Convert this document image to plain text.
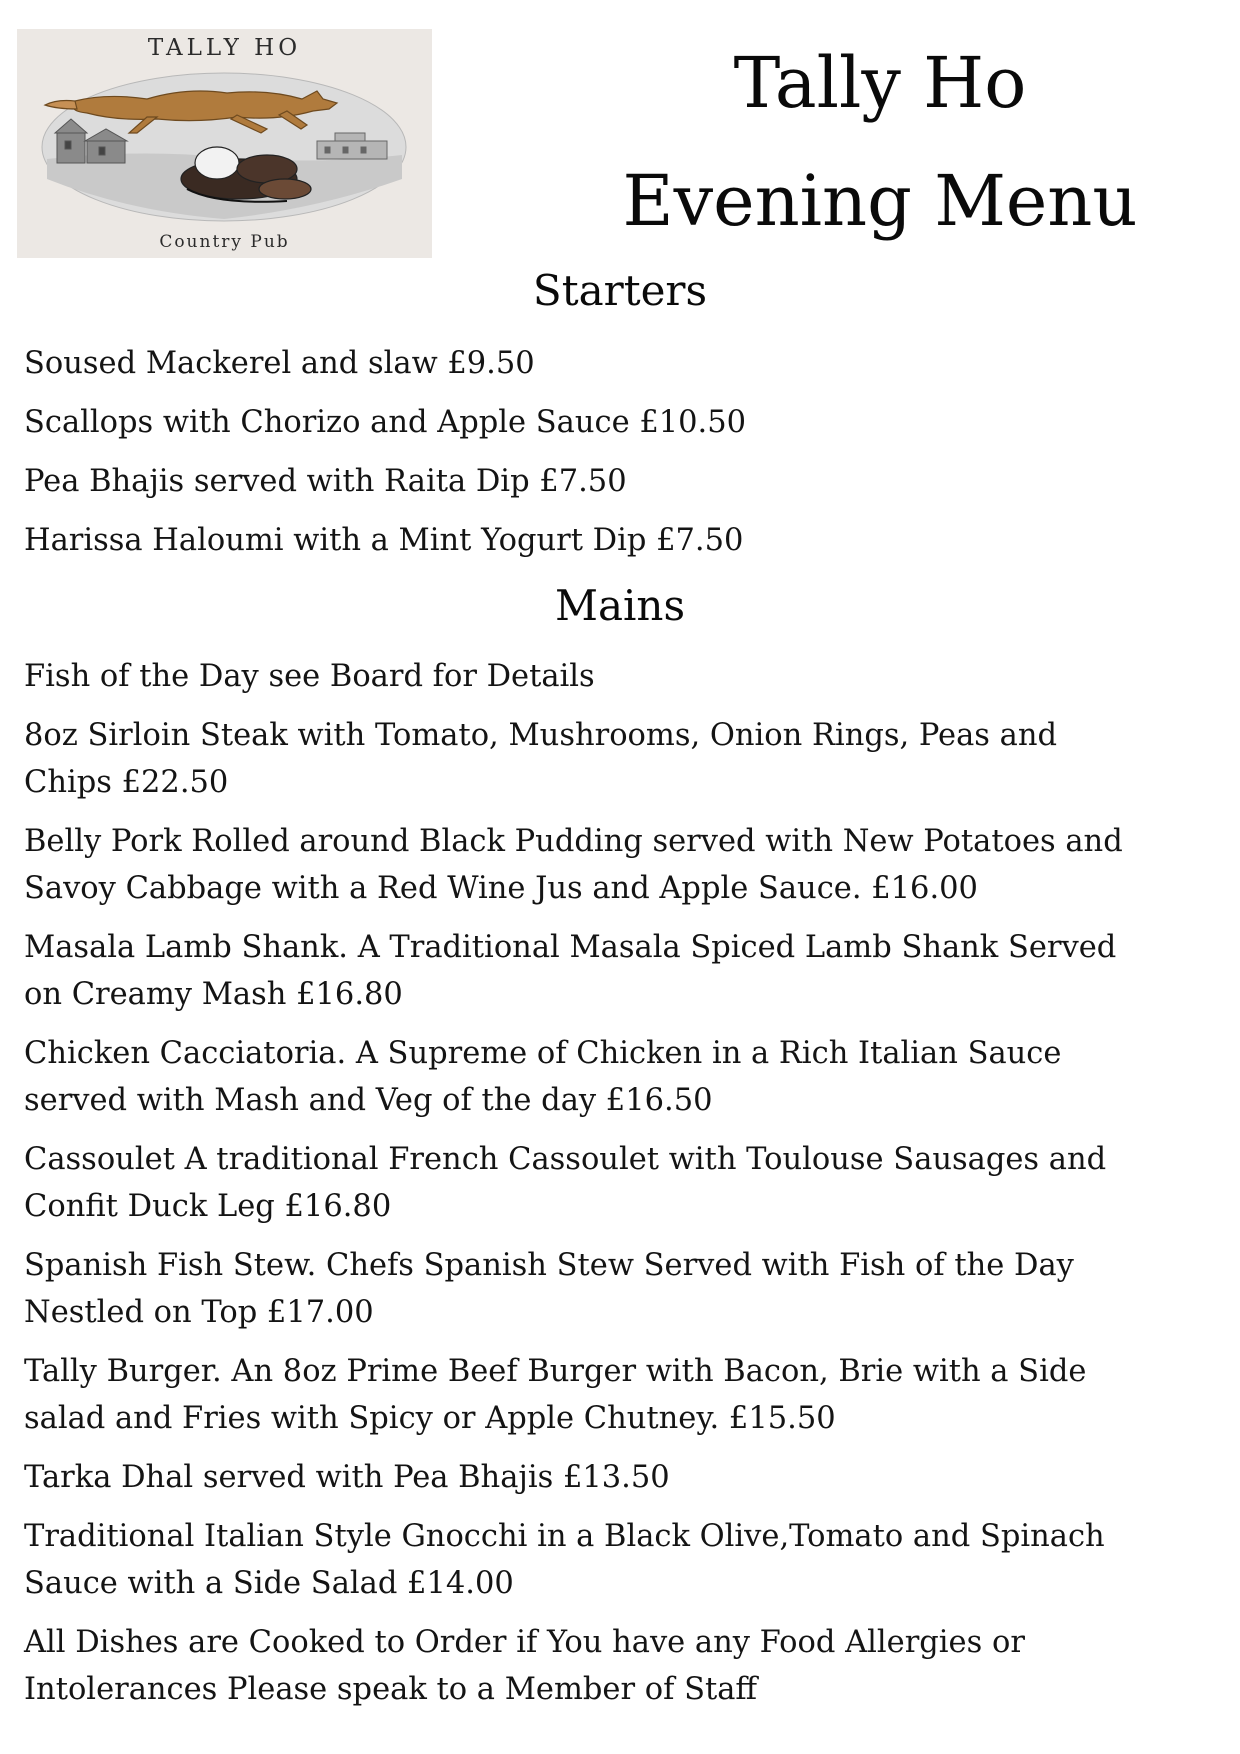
TALLY HO
Country Pub
Tally Ho
Evening Menu
Starters

Soused Mackerel and slaw £9.50

Scallops with Chorizo and Apple Sauce £10.50

Pea Bhajis served with Raita Dip £7.50

Harissa Haloumi with a Mint Yogurt Dip £7.50

Mains

Fish of the Day see Board for Details

8oz Sirloin Steak with Tomato, Mushrooms, Onion Rings, Peas and
Chips £22.50

Belly Pork Rolled around Black Pudding served with New Potatoes and
Savoy Cabbage with a Red Wine Jus and Apple Sauce. £16.00

Masala Lamb Shank. A Traditional Masala Spiced Lamb Shank Served
on Creamy Mash £16.80

Chicken Cacciatoria. A Supreme of Chicken in a Rich Italian Sauce
served with Mash and Veg of the day £16.50

Cassoulet A traditional French Cassoulet with Toulouse Sausages and
Confit Duck Leg £16.80

Spanish Fish Stew. Chefs Spanish Stew Served with Fish of the Day
Nestled on Top £17.00

Tally Burger. An 8oz Prime Beef Burger with Bacon, Brie with a Side
salad and Fries with Spicy or Apple Chutney. £15.50

Tarka Dhal served with Pea Bhajis £13.50

Traditional Italian Style Gnocchi in a Black Olive,Tomato and Spinach
Sauce with a Side Salad £14.00

All Dishes are Cooked to Order if You have any Food Allergies or
Intolerances Please speak to a Member of Staff
